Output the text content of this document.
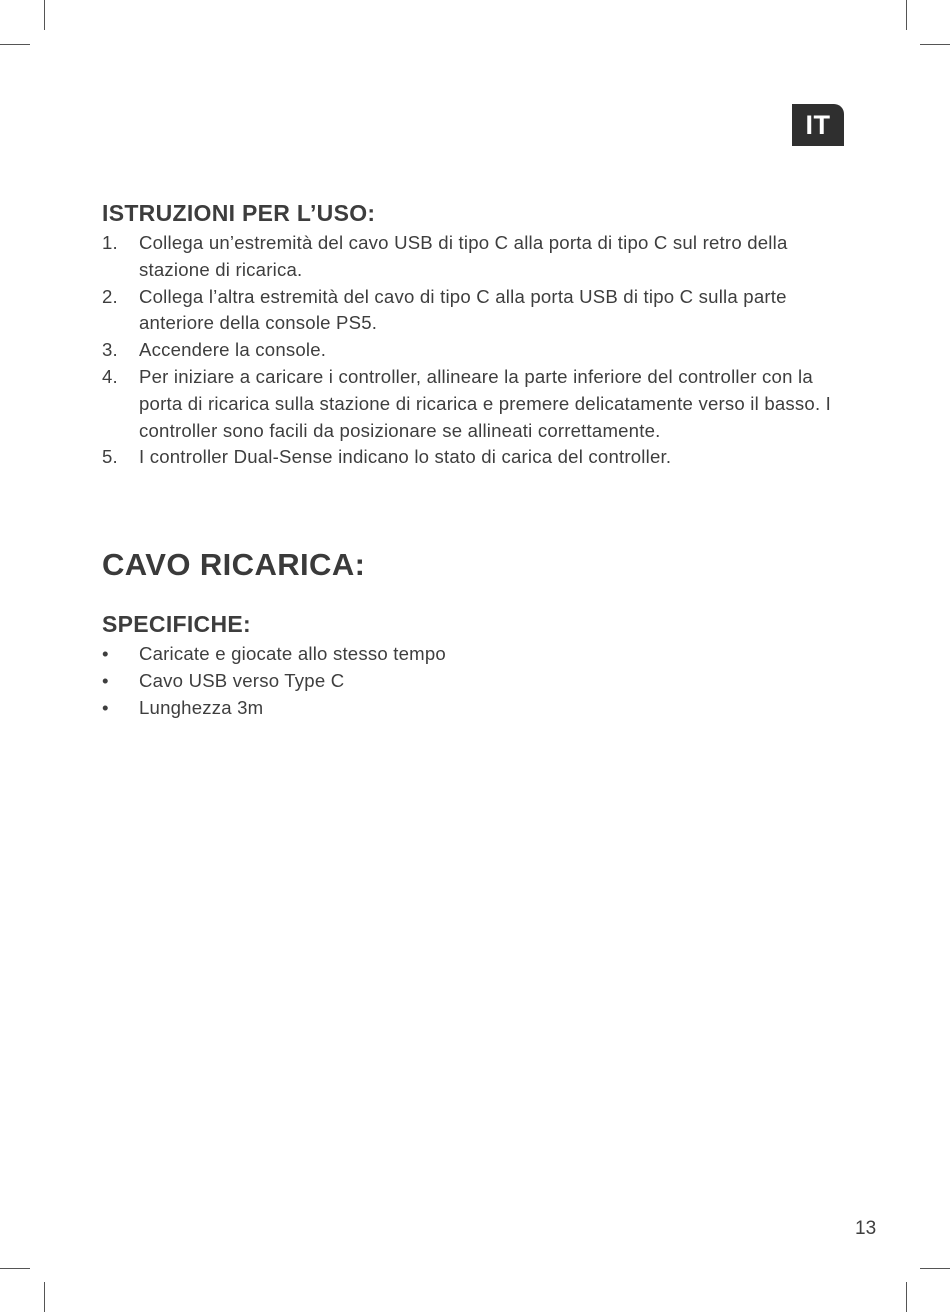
IT
ISTRUZIONI PER L’USO:
1. Collega un’estremità del cavo USB di tipo C alla porta di tipo C sul retro della stazione di ricarica.
2. Collega l’altra estremità del cavo di tipo C alla porta USB di tipo C sulla parte anteriore della console PS5.
3. Accendere la console.
4. Per iniziare a caricare i controller, allineare la parte inferiore del controller con la porta di ricarica sulla stazione di ricarica e premere delicatamente verso il basso. I controller sono facili da posizionare se allineati correttamente.
5. I controller Dual-Sense indicano lo stato di carica del controller.
CAVO RICARICA:
SPECIFICHE:
• Caricate e giocate allo stesso tempo
• Cavo USB verso Type C
• Lunghezza 3m
13
